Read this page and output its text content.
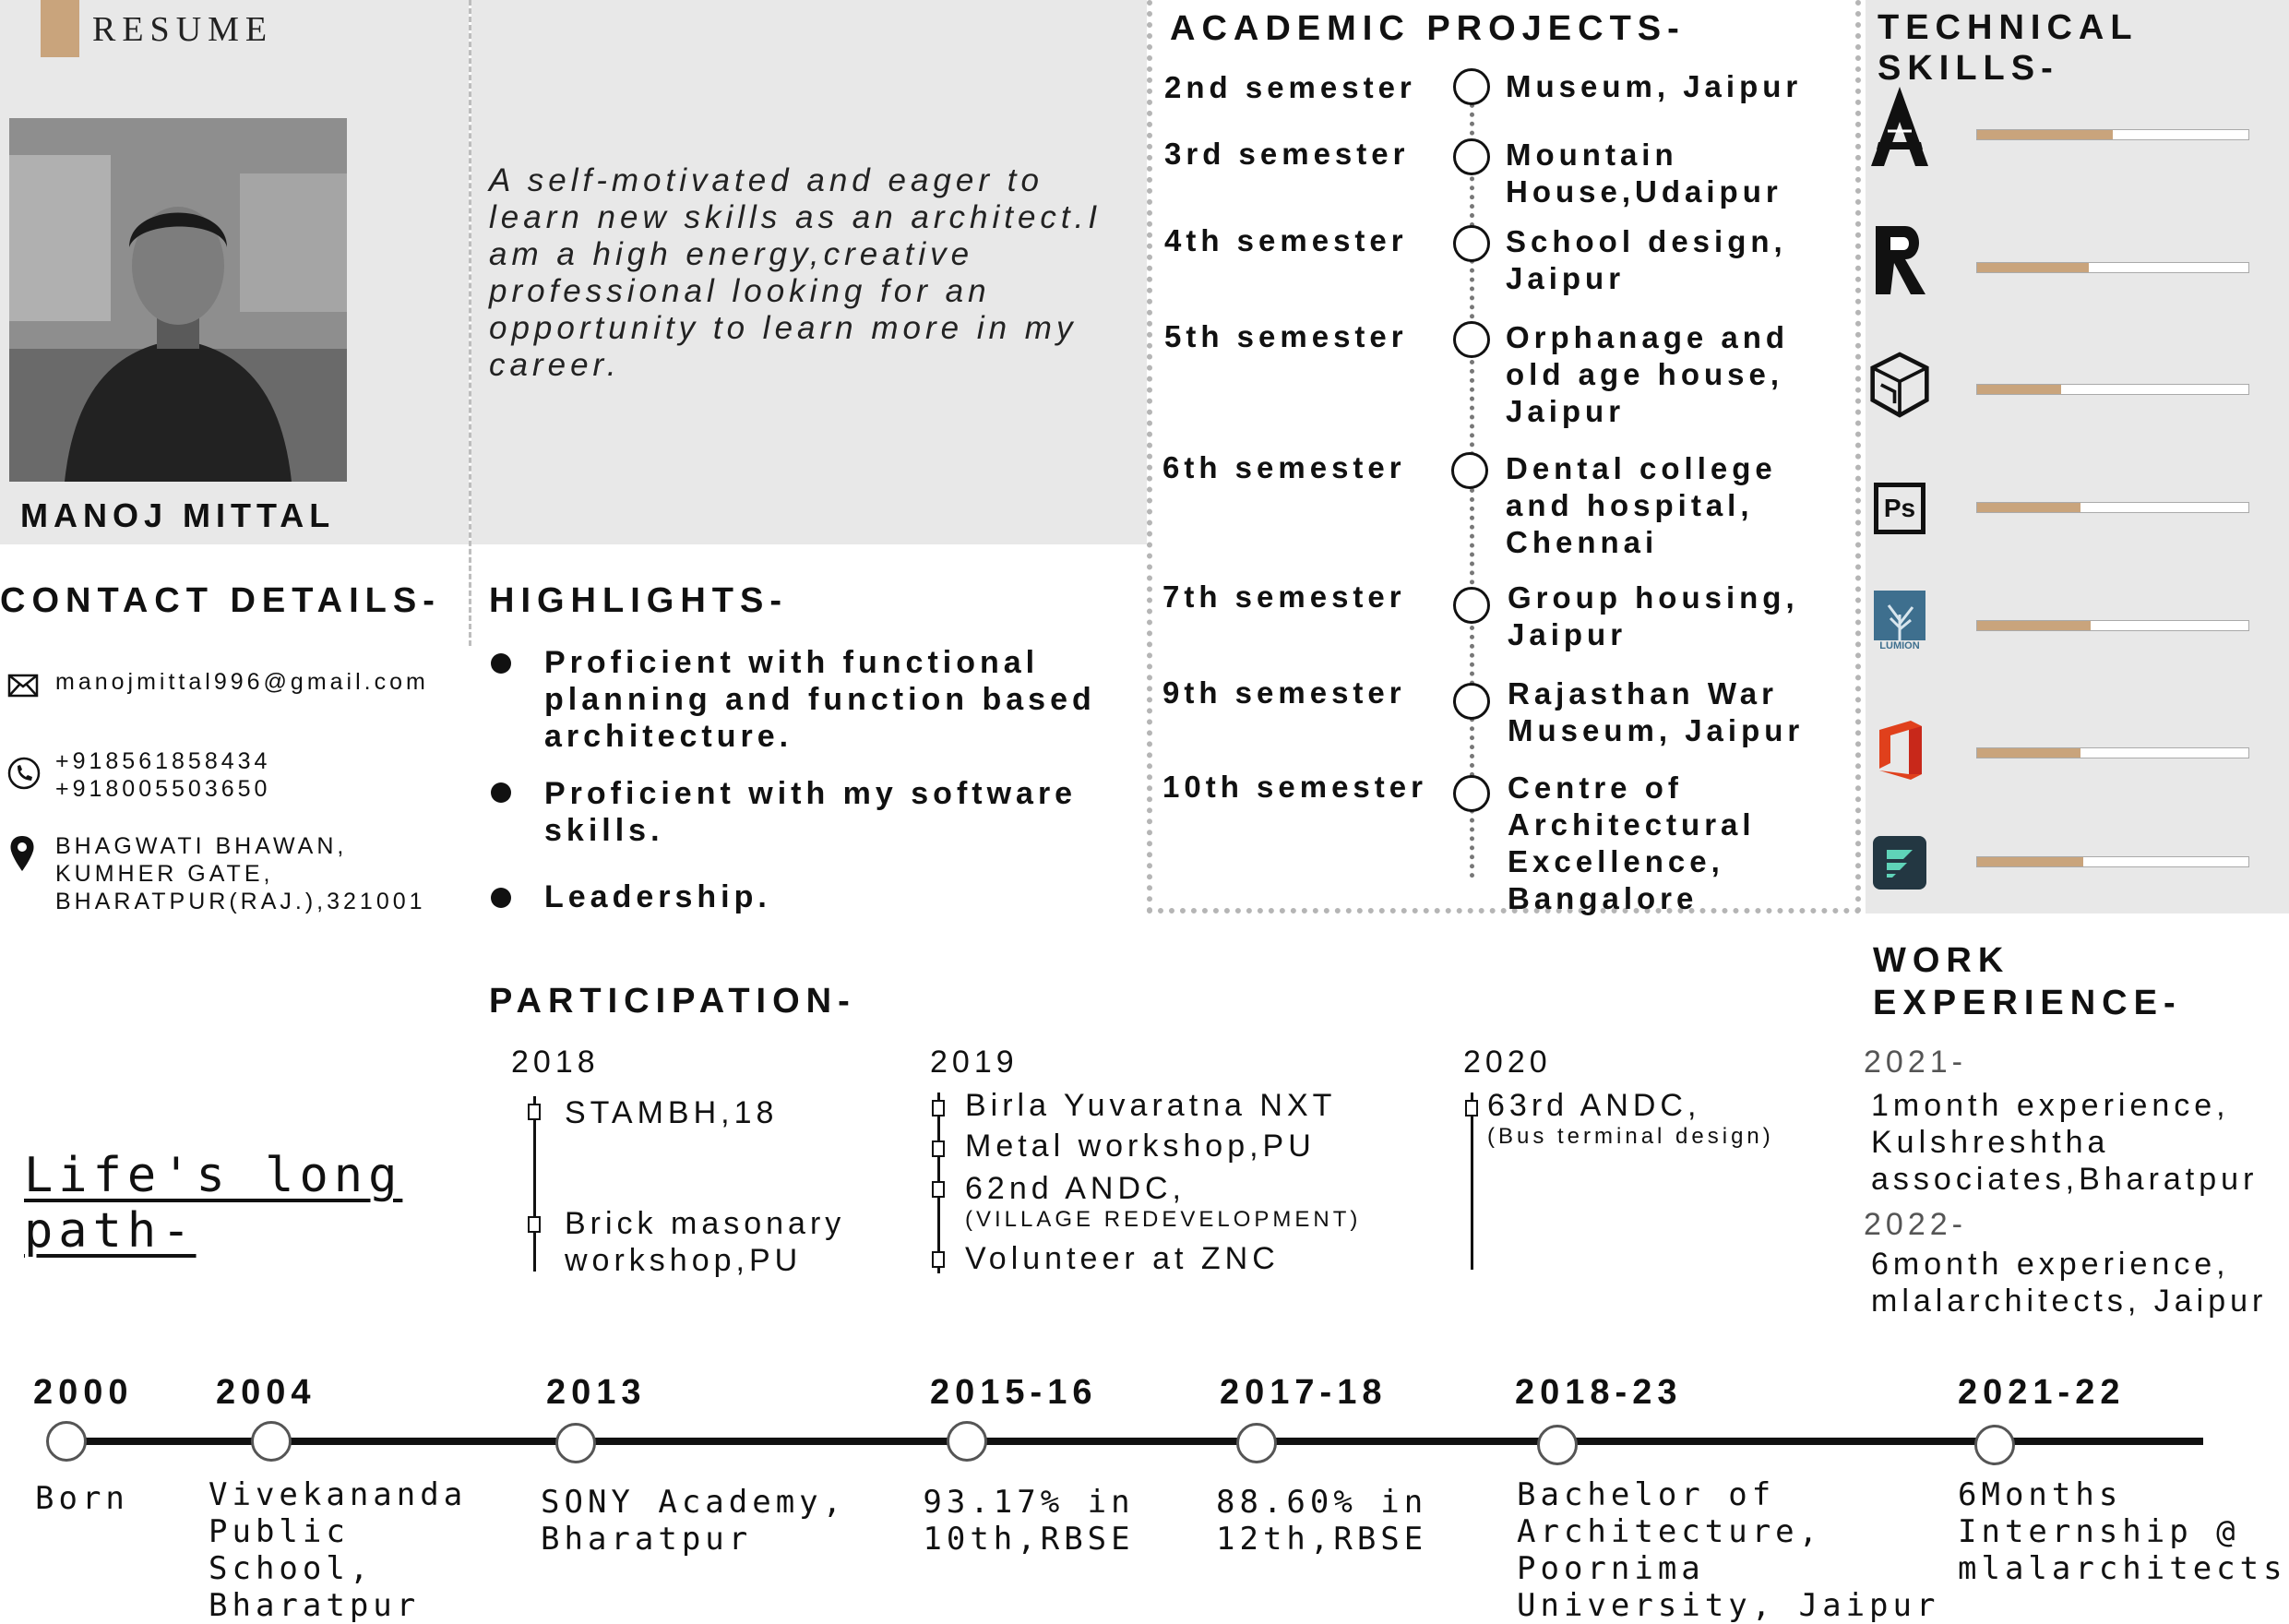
RESUME
MANOJ MITTAL
A self-motivated and eager to learn new skills as an architect.I am a high energy,creative professional looking for an opportunity to learn more in my career.
ACADEMIC PROJECTS-
2nd semester	Museum, Jaipur
3rd semester	Mountain House,Udaipur
4th semester	School design, Jaipur
5th semester	Orphanage and old age house, Jaipur
6th semester	Dental college and hospital, Chennai
7th semester	Group housing, Jaipur
9th semester	Rajasthan War Museum, Jaipur
10th semester	Centre of Architectural Excellence, Bangalore
TECHNICAL
SKILLS-
Ps
LUMION
CONTACT DETAILS-
manojmittal996@gmail.com
+918561858434
+918005503650
BHAGWATI BHAWAN,
KUMHER GATE,
BHARATPUR(RAJ.),321001
HIGHLIGHTS-
Proficient with functional planning and function based architecture.
Proficient with my software skills.
Leadership.
PARTICIPATION-
2018
STAMBH,18
Brick masonary
workshop,PU
2019
Birla Yuvaratna NXT
Metal workshop,PU
62nd ANDC,
(VILLAGE REDEVELOPMENT)
Volunteer at ZNC
2020
63rd ANDC,
(Bus terminal design)
WORK
EXPERIENCE-
2021-
1month experience, Kulshreshtha associates,Bharatpur
2022-
6month experience, mlalarchitects, Jaipur
Life's long
path-
2000
Born
2004
Vivekananda Public School, Bharatpur
2013
SONY Academy, Bharatpur
2015-16
93.17% in 10th,RBSE
2017-18
88.60% in 12th,RBSE
2018-23
Bachelor of Architecture, Poornima University, Jaipur
2021-22
6Months Internship @ mlalarchitects
